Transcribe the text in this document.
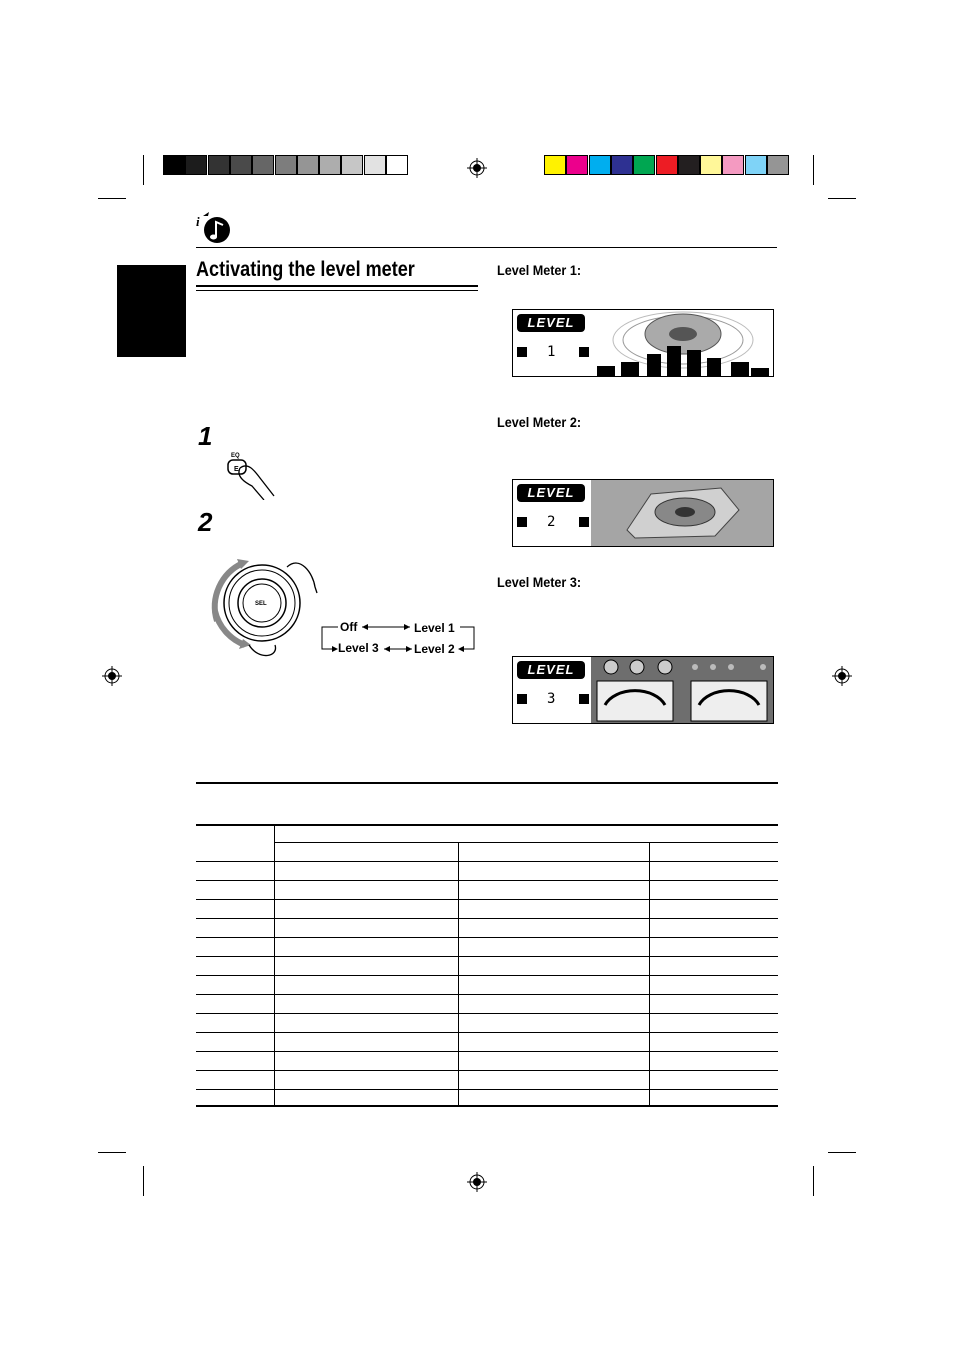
i
Activating the level meter
1
EQ
E
2
SEL
Off	Level 1
Level 3	Level 2
Level Meter 1:
Level Meter 2:
Level Meter 3:
LEVEL
1
LEVEL
2
LEVEL
3
